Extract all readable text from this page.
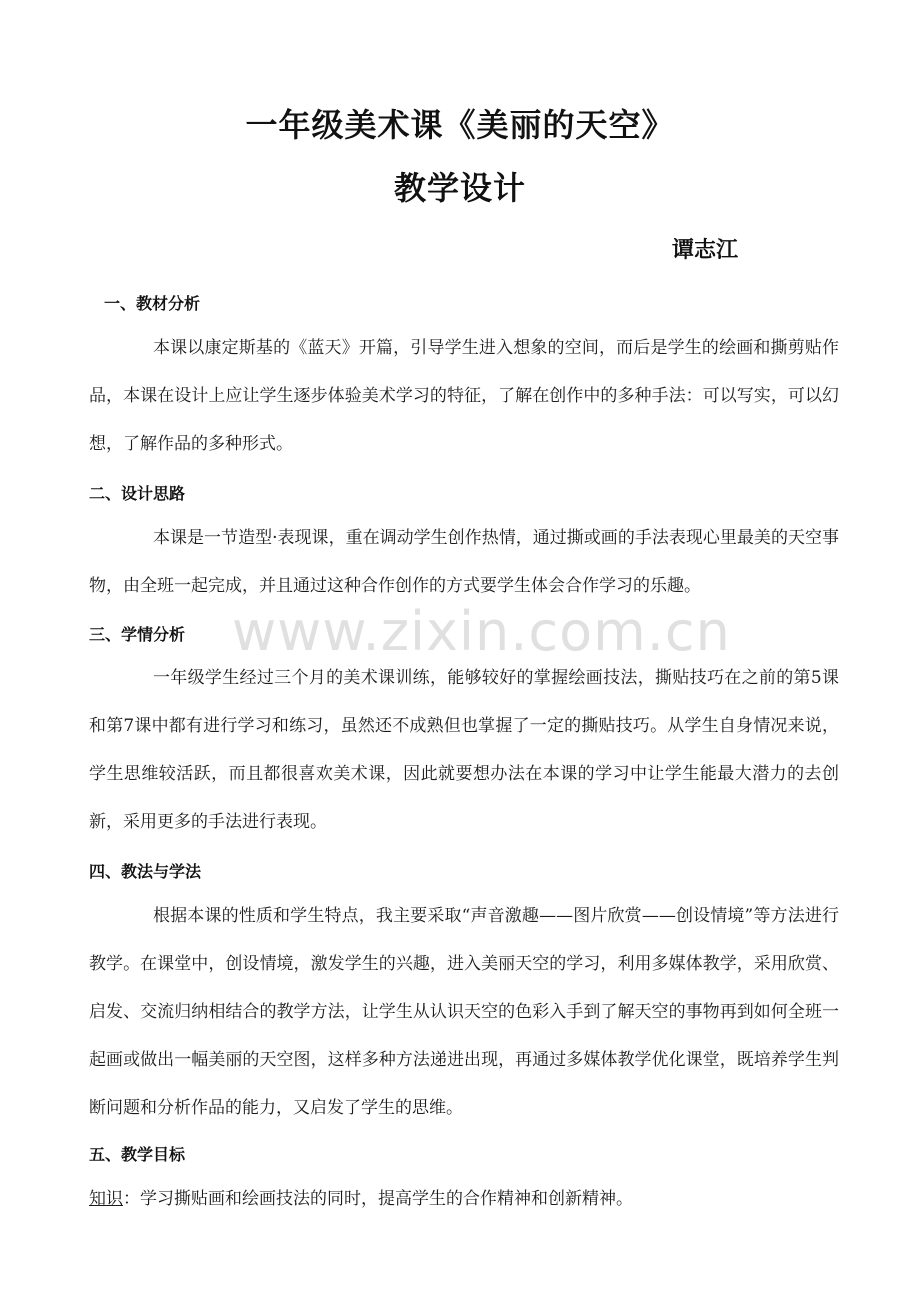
一年级美术课《美丽的天空》
教学设计
谭志江
一、教材分析
本课以康定斯基的《蓝天》开篇，引导学生进入想象的空间，而后是学生的绘画和撕剪贴作品，本课在设计上应让学生逐步体验美术学习的特征，了解在创作中的多种手法：可以写实，可以幻想，了解作品的多种形式。
二、设计思路
本课是一节造型·表现课，重在调动学生创作热情，通过撕或画的手法表现心里最美的天空事物，由全班一起完成，并且通过这种合作创作的方式要学生体会合作学习的乐趣。
三、学情分析
一年级学生经过三个月的美术课训练，能够较好的掌握绘画技法，撕贴技巧在之前的第5课和第7课中都有进行学习和练习，虽然还不成熟但也掌握了一定的撕贴技巧。从学生自身情况来说，学生思维较活跃，而且都很喜欢美术课，因此就要想办法在本课的学习中让学生能最大潜力的去创新，采用更多的手法进行表现。
四、教法与学法
根据本课的性质和学生特点，我主要采取“声音激趣——图片欣赏——创设情境”等方法进行教学。在课堂中，创设情境，激发学生的兴趣，进入美丽天空的学习，利用多媒体教学，采用欣赏、启发、交流归纳相结合的教学方法，让学生从认识天空的色彩入手到了解天空的事物再到如何全班一起画或做出一幅美丽的天空图，这样多种方法递进出现，再通过多媒体教学优化课堂，既培养学生判断问题和分析作品的能力，又启发了学生的思维。
五、教学目标
知识：学习撕贴画和绘画技法的同时，提高学生的合作精神和创新精神。
www.zixin.com.cn
